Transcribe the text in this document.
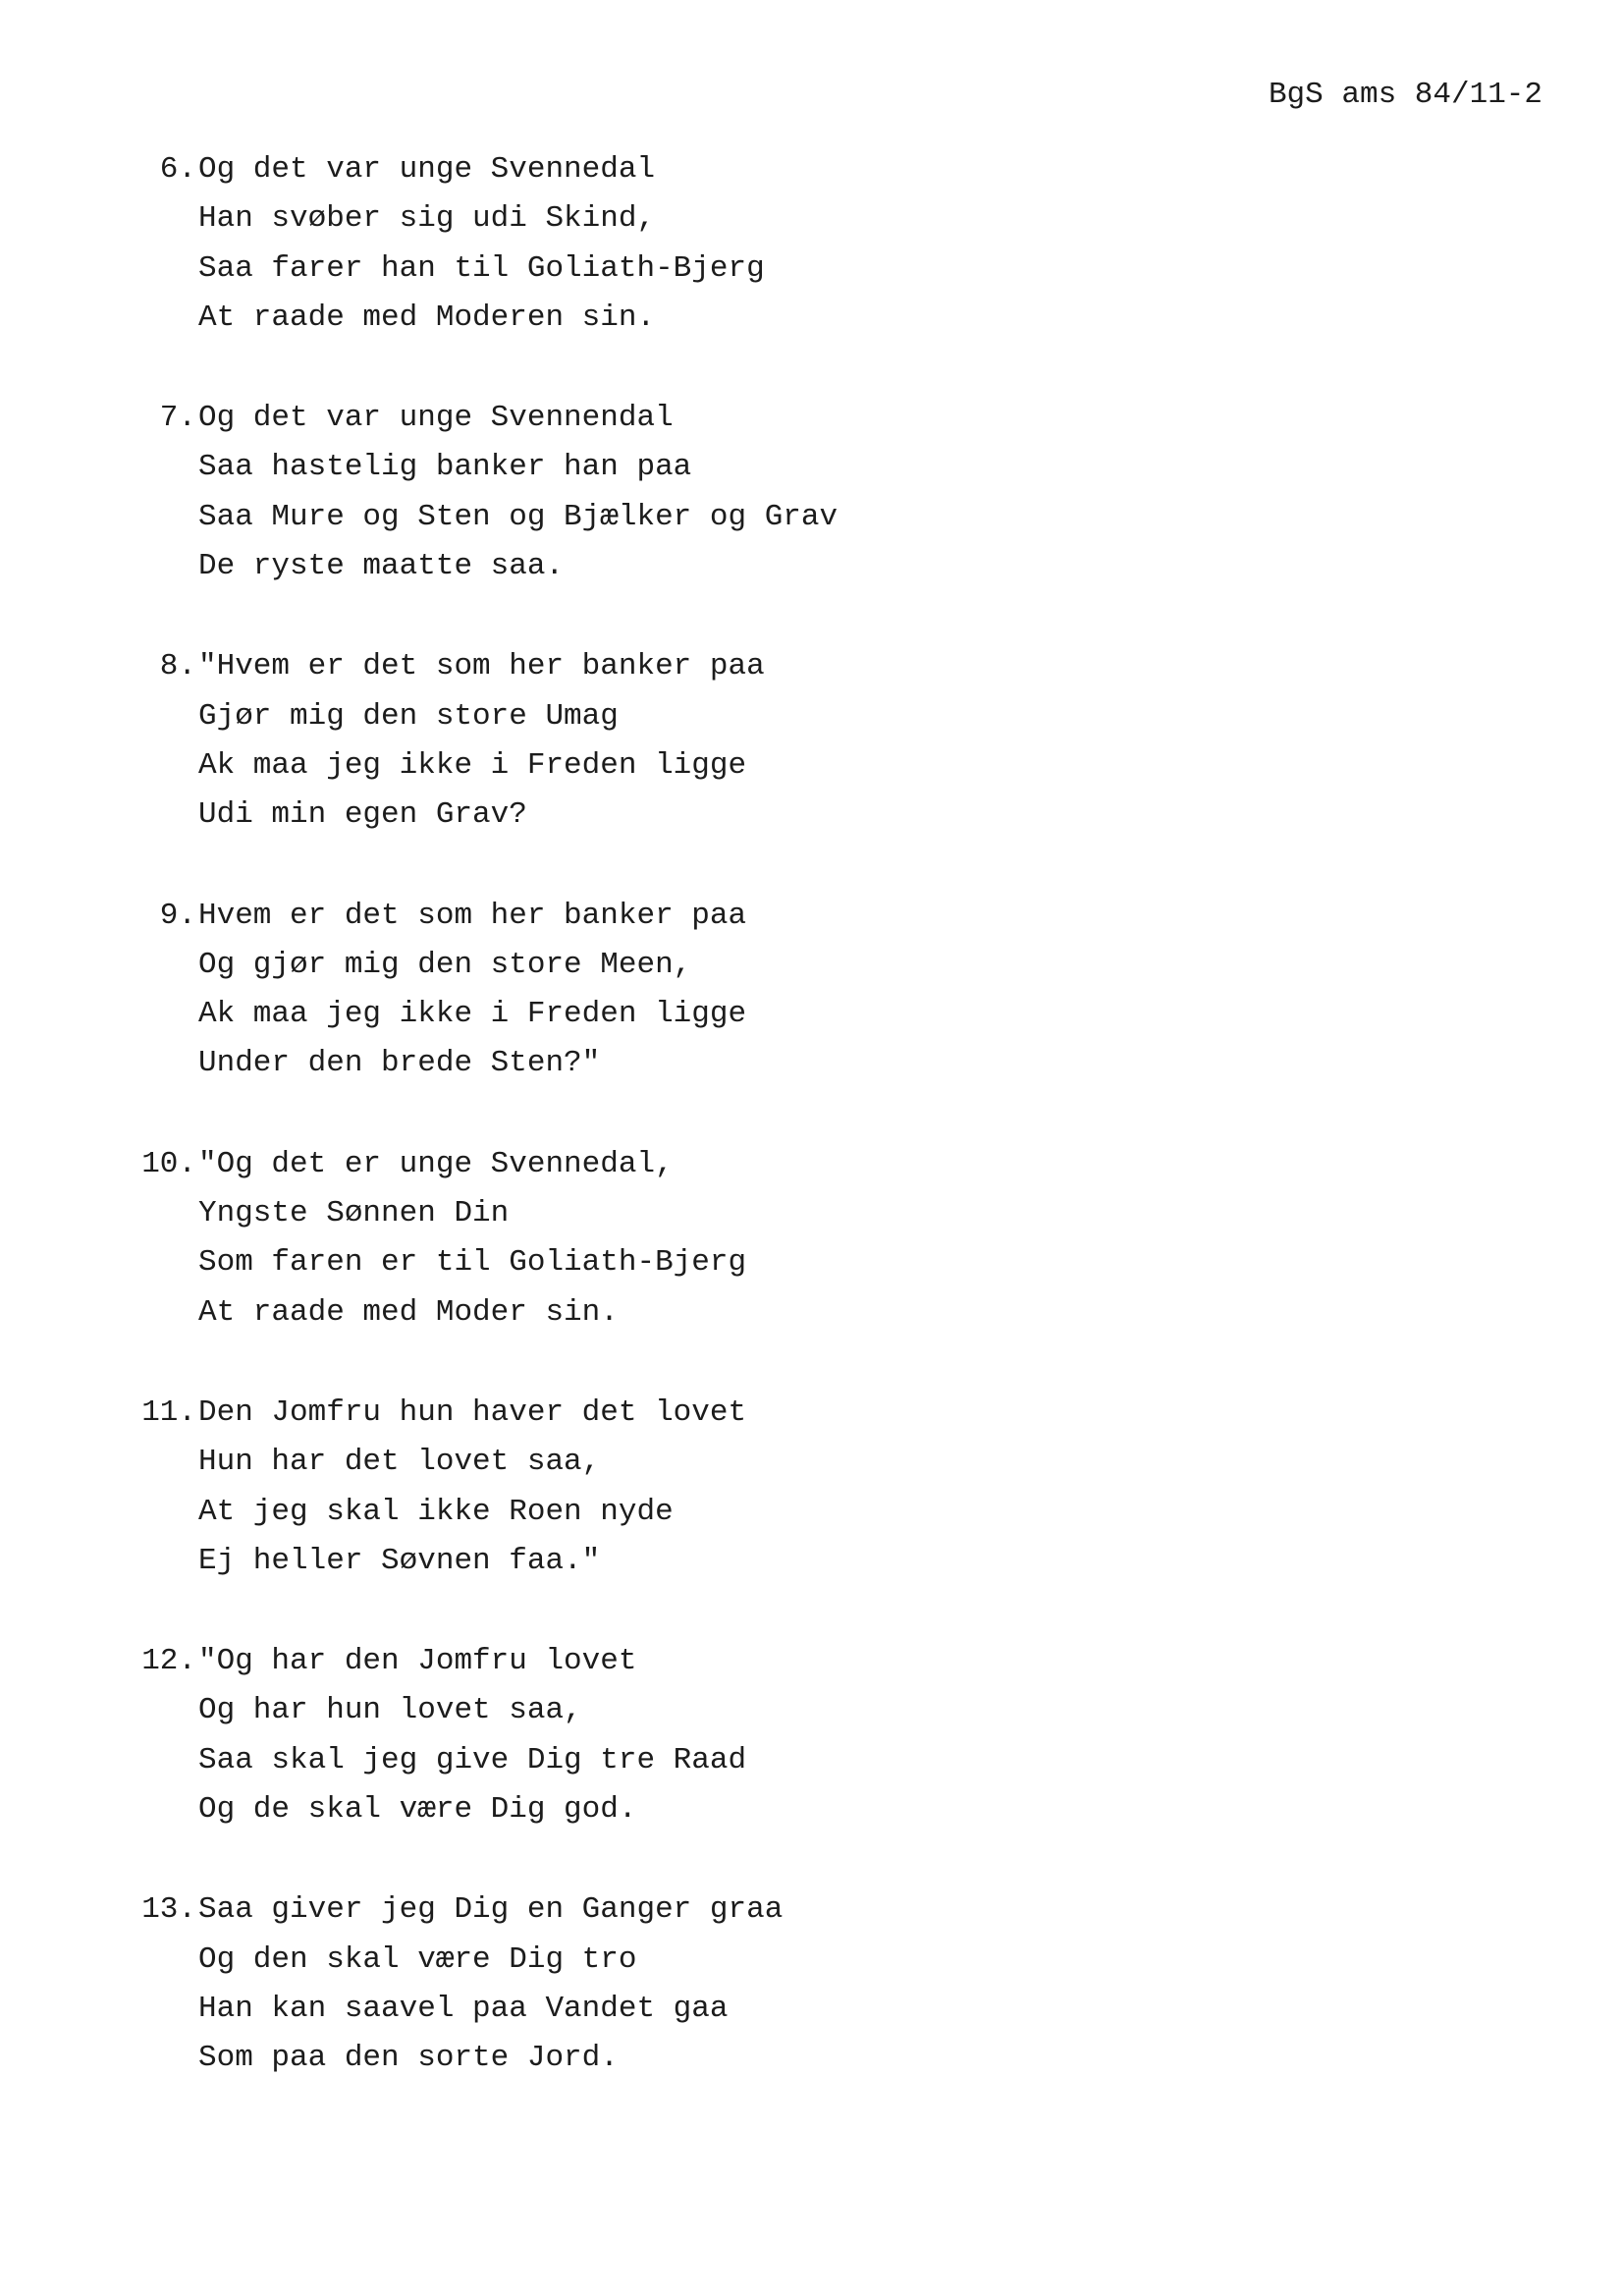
BgS ams 84/11-2
6. Og det var unge Svennedal
Han svøber sig udi Skind,
Saa farer han til Goliath-Bjerg
At raade med Moderen sin.
7. Og det var unge Svennendal
Saa hastelig banker han paa
Saa Mure og Sten og Bjælker og Grav
De ryste maatte saa.
8. "Hvem er det som her banker paa
Gjør mig den store Umag
Ak maa jeg ikke i Freden ligge
Udi min egen Grav?
9. Hvem er det som her banker paa
Og gjør mig den store Meen,
Ak maa jeg ikke i Freden ligge
Under den brede Sten?"
10. "Og det er unge Svennedal,
Yngste Sønnen Din
Som faren er til Goliath-Bjerg
At raade med Moder sin.
11. Den Jomfru hun haver det lovet
Hun har det lovet saa,
At jeg skal ikke Roen nyde
Ej heller Søvnen faa."
12. "Og har den Jomfru lovet
Og har hun lovet saa,
Saa skal jeg give Dig tre Raad
Og de skal være Dig god.
13. Saa giver jeg Dig en Ganger graa
Og den skal være Dig tro
Han kan saavel paa Vandet gaa
Som paa den sorte Jord.
